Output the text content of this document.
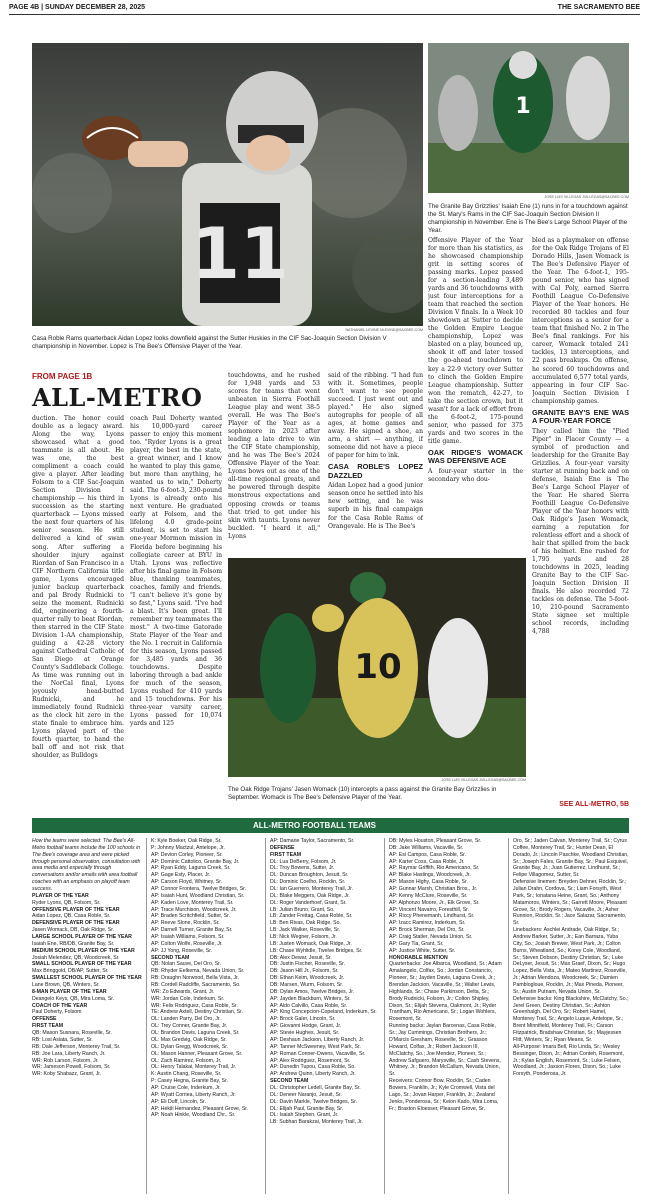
PAGE 4B | SUNDAY DECEMBER 28, 2025	THE SACRAMENTO BEE
11
NATHANIEL LEVINE NLEVINE@SACBEE.COM
Casa Roble Rams quarterback Aidan Lopez looks downfield against the Sutter Huskies in the CIF Sac-Joaquin Section Division V championship in November. Lopez is The Bee's Offensive Player of the Year.
1
JOSE LUIS VILLEGAS JVILLEGAS@SACBEE.COM
The Granite Bay Grizzlies' Isaiah Ene (1) runs in for a touchdown against the St. Mary's Rams in the CIF Sac-Joaquin Section Division II championship in November. Ene is The Bee's Large School Player of the Year.
FROM PAGE 1B
ALL-METRO

duction. The honor could double as a legacy award. Along the way, Lyons showcased what a good teammate is all about. He was one, the best compliment a coach could give a player. After leading Folsom to a CIF Sac-Joaquin Section Division I championship — his third in succession as the starting quarterback — Lyons missed the next four quarters of his senior season. He still delivered a kind of swan song. After suffering a shoulder injury against Riordan of San Francisco in a CIF Northern California title game, Lyons encouraged junior backup quarterback and pal Brody Rudnicki to seize the moment. Rudnicki did, engineering a fourth-quarter rally to beat Riordan, then starred in the CIF State Division 1-AA championship, guiding a 42-28 victory against Cathedral Catholic of San Diego at Orange County's Saddleback College. As time was running out in the NorCal final, Lyons joyously head-butted Rudnicki, and he immediately found Rudnicki as the clock hit zero in the state finale to embrace him. Lyons played part of the fourth quarter, to hand the ball off and not risk that shoulder, as Bulldogs

coach Paul Doherty wanted his 10,000-yard career passer to enjoy this moment too. "Ryder Lyons is a great player, the best in the state, a great winner, and I know he wanted to play this game, but more than anything, he wanted us to win," Doherty said. The 6-foot-3, 230-pound Lyons is already onto his next venture. He graduated early at Folsom, and the lifelong 4.0 grade-point student, is set to start his one-year Mormon mission in Florida before beginning his collegiate career at BYU in Utah. Lyons was reflective after his final game in Folsom blue, thanking teammates, coaches, family and friends. "I can't believe it's gone by so fast," Lyons said. "I've had a blast. It's been great. I'll remember my teammates the most." A two-time Gatorade State Player of the Year and the No. 1 recruit in California for this season, Lyons passed for 3,485 yards and 36 touchdowns. Despite laboring through a bad ankle for much of the season, Lyons rushed for 410 yards and 15 touchdowns. For his three-year varsity career, Lyons passed for 10,074 yards and 125

touchdowns, and he rushed for 1,948 yards and 53 scores for teams that went unbeaten in Sierra Foothill League play and went 38-5 overall. He was The Bee's Player of the Year as a sophomore in 2023 after leading a late drive to win the CIF State championship, and he was The Bee's 2024 Offensive Player of the Year. Lyons bows out as one of the all-time regional greats, and he powered through despite monstrous expectations and opposing crowds or teams that tried to get under his skin with taunts. Lyons never buckled. "I heard it all," Lyons

said of the ribbing. "I had fun with it. Sometimes, people don't want to see people succeed. I just went out and played." He also signed autographs for people of all ages, at home games and away. He signed a shoe, an arm, a shirt — anything, if someone did not have a piece of paper for him to ink.

CASA ROBLE'S LOPEZ DAZZLED

Aidan Lopez had a good junior season once he settled into his new setting, and he was superb in his final campaign for the Casa Roble Rams of Orangevale. He is The Bee's

Offensive Player of the Year for more than his statistics, as he showcased championship grit in setting scores of passing marks. Lopez passed for a section-leading 3,489 yards and 36 touchdowns with just four interceptions for a team that reached the section Division V finals. In a Week 10 showdown at Sutter to decide the Golden Empire League championship, Lopez was blasted on a play, bounced up, shook it off and later tossed the go-ahead touchdown to key a 22-9 victory over Sutter to clinch the Golden Empire League championship. Sutter won the rematch, 42-27, to take the section crown, but it wasn't for a lack of effort from the 6-foot-2, 175-pound senior, who passed for 375 yards and two scores in the title game.

OAK RIDGE'S WOMACK WAS DEFENSIVE ACE

A four-year starter in the secondary who dou-

bled as a playmaker on offense for the Oak Ridge Trojans of El Dorado Hills, Jasen Womack is The Bee's Defensive Player of the Year. The 6-foot-1, 195-pound senior, who has signed with Cal Poly, earned Sierra Foothill League Co-Defensive Player of the Year honors. He recorded 80 tackles and four interceptions as a senior for a team that finished No. 2 in The Bee's final rankings. For his career, Womack totaled 241 tackles, 13 interceptions, and 22 pass breakups. On offense, he scored 60 touchdowns and accumulated 6,577 total yards, appearing in four CIF Sac-Joaquin Section Division I championship games.

GRANITE BAY'S ENE WAS A FOUR-YEAR FORCE

They called him the "Pied Piper" in Placer County — a symbol of production and leadership for the Granite Bay Grizzlies. A four-year varsity starter at running back and on defense, Isaiah Ene is The Bee's Large School Player of the Year. He shared Sierra Foothill League Co-Defensive Player of the Year honors with Oak Ridge's Jasen Womack, earning a reputation for relentless effort and a shock of hair that spilled from the back of his helmet. Ene rushed for 1,795 yards and 28 touchdowns in 2025, leading Granite Bay to the CIF Sac-Joaquin Section Division II finals. He also recorded 72 tackles on defense. The 5-foot-10, 210-pound Sacramento State signee set multiple school records, including 4,788

SEE ALL-METRO, 5B
10
JOSE LUIS VILLEGAS JVILLEGAS@SACBEE.COM
The Oak Ridge Trojans' Jasen Womack (10) intercepts a pass against the Granite Bay Grizzlies in September. Womack is The Bee's Defensive Player of the Year.
ALL-METRO FOOTBALL TEAMS
How the teams were selected: The Bee's All-Metro football teams include the 100 schools in The Bee's coverage area and were picked through personal observation, consultation with area media and especially through conversations and/or emails with area football coaches with an emphasis on playoff team success.
PLAYER OF THE YEAR
Ryder Lyons, QB, Folsom, Sr.
OFFENSIVE PLAYER OF THE YEAR
Aidan Lopez, QB, Casa Roble, Sr.
DEFENSIVE PLAYER OF THE YEAR
Jasen Womack, DB, Oak Ridge, Sr.
LARGE SCHOOL PLAYER OF THE YEAR
Isaiah Ene, RB/DB, Granite Bay, Sr.
MEDIUM SCHOOL PLAYER OF THE YEAR
Josiah Melendez, QB, Woodcreek, Sr.
SMALL SCHOOL PLAYER OF THE YEAR
Max Bringgold, DB/AP, Sutter, Sr.
SMALLEST SCHOOL PLAYER OF THE YEAR
Lane Brown, QB, Winters, Sr.
8-MAN PLAYER OF THE YEAR
Deangelo Keys, QB, Mira Loma, Sr.
COACH OF THE YEAR
Paul Doherty, Folsom
OFFENSE
FIRST TEAM
QB: Mason Susnara, Roseville, Sr.
RB: Losi Asiata, Sutter, Sr.
RB: Dale Jefferson, Monterey Trail, Sr.
RB: Joe Lara, Liberty Ranch, Jr.
WR: Rob Larson, Folsom, Jr.
WR: Jameson Powell, Folsom, Sr.
WR: Koby Shabazz, Grant, Jr.
K: Kyle Boeker, Oak Ridge, Sr.
P: Johnny Mactzul, Antelope, Jr.
AP: Devion Corley, Pioneer, Sr.
AP: Dominic Cattolico, Granite Bay, Jr.
AP: Ryan Eddy, Laguna Creek, Sr.
AP: Gage Esty, Placer, Jr.
AP: Carson Floyd, Whitney, Sr.
AP: Connor Frontera, Twelve Bridges, Sr.
AP: Isaiah Hunt, Woodland Christian, Sr.
AP: Kaden Love, Monterey Trail, Sr.
AP: Trace Murchison, Woodcreek, Jr.
AP: Braden Scritchfield, Sutter, Sr.
AP: Reeve Slone, Rocklin, Sr.
AP: Darnell Turner, Granite Bay, Sr.
AP: Isaiah Williams, Folsom, Sr.
AP: Colton Wolfe, Roseville, Jr.
AP: JJ Yong, Roseville, Sr.
SECOND TEAM
QB: Nolan Sauve, Del Oro, Sr.
RB: Rhyder Eelkema, Nevada Union, Sr.
RB: Draughn Norwood, Bella Vista, Jr.
RB: Cordell Radcliffe, Sacramento, So.
WR: Zo Edwards, Grant, Jr.
WR: Jordan Cole, Inderkum, Sr.
WR: Felix Rodriguez, Casa Roble, Sr.
TE: Andrew Axtell, Destiny Christian, Sr.
OL: Landen Parry, Del Oro, Jr.
OL: Trey Conner, Granite Bay, Jr.
OL: Brandon Davis, Laguna Creek, Sr.
OL: Max Gredvig, Oak Ridge, Sr.
OL: Dylan Gregg, Woodcreek, Sr.
OL: Mason Hanner, Pleasant Grove, Sr.
OL: Zach Ramirez, Folsom, Jr.
OL: Henry Talakai, Monterey Trail, Jr.
K: Austin Chang, Roseville, Sr.
P: Casey Hegna, Granite Bay, Sr.
AP: Cruise Cole, Inderkum, Jr.
AP: Wyatt Corriea, Liberty Ranch, Jr.
AP: Eli Duff, Lincoln, Sr.
AP: Hekili Hernandez, Pleasant Grove, Sr.
AP: Noah Hinkle, Woodland Chr., Sr.
AP: Damarie Taylor, Sacramento, Sr.
DEFENSE
FIRST TEAM
DL: Lua DeBerry, Folsom, Jr.
DL: Troy Bowens, Sutter, Jr.
DL: Duncan Broughton, Jesuit, Sr.
DL: Dominic Coelho, Rocklin, Sr.
DL: Ian Guerrero, Monterey Trail, Jr.
DL: Blake Meggers, Oak Ridge, Jr.
DL: Roger Vanderhoef, Grant, Sr.
LB: Julian Bruno, Grant, So.
LB: Zander Freitag, Casa Roble, Sr.
LB: Ben Rivas, Oak Ridge, So.
LB: Jack Walker, Roseville, Sr.
LB: Nick Wegner, Folsom, Jr.
LB: Justen Womack, Oak Ridge, Jr.
LB: Chase Wyhlidle, Twelve Bridges, Sr.
DB: Alex Dewar, Jesuit, Sr.
DB: Justin Fischer, Roseville, Sr.
DB: Jason Hill Jr., Folsom, Sr.
DB: Ethan Keim, Woodcreek, Jr.
DB: Marsen, Wurm, Folsom, Sr.
DB: Dylan Amos, Twelve Bridges, Jr.
AP: Jayden Blackburn, Winters, Sr.
AP: Aldo Calvillo, Casa Roble, Sr.
AP: King Concepcion-Copeland, Inderkum, Sr.
AP: Brock Galer, Lincoln, Sr.
AP: Giovanni Hodge, Grant, Jr.
AP: Stevie Hughes, Jesuit, Sr.
AP: Deshaun Jackson, Liberty Ranch, Jr.
AP: Tanner McSweeney, West Park, Sr.
AP: Roman Conner-Owens, Vacaville, Sr.
AP: Alex Rodriguez, Rosemont, Sr.
AP: Dunedin Tupou, Casa Roble, So.
AP: Andrew Quinn, Liberty Ranch, Jr.
SECOND TEAM
DL: Christopher Ledell, Granite Bay, Sr.
DL: Deneer Naranjo, Jesuit, Sr.
DL: Davin Markle, Twelve Bridges, Sr.
DL: Elijah Paul, Granite Bay, Sr.
DL: Isaiah Stephen, Grant, Jr.
LB: Subhan Barakzai, Monterey Trail, Jr.
DB: Myles Houston, Pleasant Grove, Sr.
DB: Jake Williams, Vacaville, Sr.
AP: Esi Campos, Casa Roble, Sr.
AP: Karter Coss, Casa Roble, Jr.
AP: Raymar Griffith, Rio Americano, Sr.
AP: Blake Hastings, Woodcreek, Jr.
AP: Mason Highy, Casa Roble, Sr.
AP: Gunnar Marsh, Christian Bros., Jr.
AP: Kenny McClure, Roseville, Sr.
AP: Alphonzo Moore, Jr., Elk Grove, Sr.
AP: Vincent Navarro, Foresthill, Sr.
AP: Riccy Phenemanh, Lindhurst, Sr.
AP: Izacc Ramirez, Inderkum, Sr.
AP: Brock Sherman, Del Oro, Sr.
AP: Craig Statler, Nevada Union, Sr.
AP: Gary Tia, Grant, Sr.
AP: Justice White, Sutter, Sr.
HONORABLE MENTION
Quarterbacks: Joe Albarca, Woodland, Sr.; Adam Amalangelo, Colfax, So.; Jordan Constancio, Pioneer, Sr.; Jayden Davis, Laguna Creek, Jr.; Brendan Jackson, Vacaville, Sr.; Walter Lewis, Highlands, Sr.; Chase Parkinson, Delta, Sr.; Brody Rudnicki, Folsom, Jr.; Colton Shipley, Dixon, Sr.; Elijah Stevens, Oakmont, Jr.; Ryder Trantham, Rio Americano, Sr.; Logan Wohlers, Rosemont, Sr.
Running backs: Jaylan Barcenas, Casa Roble, Sr.; Jay Cummings, Christian Brothers, Jr.; D'Marcis Gresham, Roseville, Sr.; Grasson Howard, Colfax, Jr.; Robert Jackson III, McClatchy, So.; Joe Mendez, Pioneer, Sr.; Andrew Safguero, Marysville, Sr.; Cash Stevens, Whitney, Jr.; Brandon McCallum, Nevada Union, Sr.
Receivers: Connor Bow, Rocklin, Sr.; Caden Bowers, Franklin, Jr.; Kyle Cromwell, Vista del Lago, Sr.; Jovan Harper, Franklin, Jr.; Zealand Jenks, Ponderosa, Sr.; Keion Kado, Mira Loma, Fr.; Braxton Eloesser, Pleasant Grove, Sr.
Oro, Sr.; Jaden Calvan, Monterey Trail, Sr.; Cyrus Coffee, Monterey Trail, Sr.; Hunter Dean, El Dorado, Jr.; Lincoln Paschke, Woodland Christian, Sr.; Joseph Fales, Granite Bay, Sr.; Paul Esquivel, Granite Bay, Jr.; Juan Gutierrez, Lindhurst, Sr.; Felipe Villagomez, Sutter, Sr.
Defensive linemen: Breyden Dehner, Rocklin, Sr.; Julian Drahn, Cordova, Sr.; Liam Forsyth, West Park, Sr.; Ionatana Heine, Grant, So.; Anthony Matamoros, Winters, Sr.; Garrett Moore, Pleasant Grove, Sr.; Brody Rogers, Vacaville, Jr.; Asher Runnion, Rocklin, Sr.; Jace Salazar, Sacramento, Sr.
Linebackers: Aschlei Andrade, Oak Ridge, Sr.; Andrew Barker, Sutter, Jr.; Ean Barraza, Yuba City, So.; Josiah Brewer, West Park, Jr.; Colton Burns, Wheatland, So.; Korey Cole, Woodland, Sr.; Steven Dobson, Destiny Christian, Sr.; Luke DeLyser, Jesuit, Sr.; Max Graef, Dixon, Sr.; Hugo Lopez, Bella Vista, Jr.; Mateo Martinez, Roseville, Jr.; Adrian Mendoza, Woodcreek, Sr.; Damien Pamblogloue, Rocklin, Jr.; Max Pineda, Pioneer, Sr.; Austin Putnam, Nevada Union, Sr.
Defensive backs: King Blackshire, McClatchy, So.; Jerel Green, Destiny Christian, Sr.; Ashton Greenhalgh, Del Oro, Sr.; Robert Hamel, Monterey Trail, Sr.; Angelo Luque, Antelope, Sr.; Brent Minnifield, Monterey Trail, Fr.; Carson Fitzpatrick, Bradshaw Christian, Sr.; Mayjessen Flitt, Winters, Sr.; Ryan Means, Sr.
All-Purpose: Imara Bell, Rio Linda, Sr.; Wesley Bessinger, Dixon, Jr.; Adrian Conteh, Rosemont, Jr.; Kylan English, Rosemont, Sr.; Luke Felsen, Woodland, Jr.; Jaxson Flores, Dixon, So.; Luke Forsyth, Ponderosa, Jr.
